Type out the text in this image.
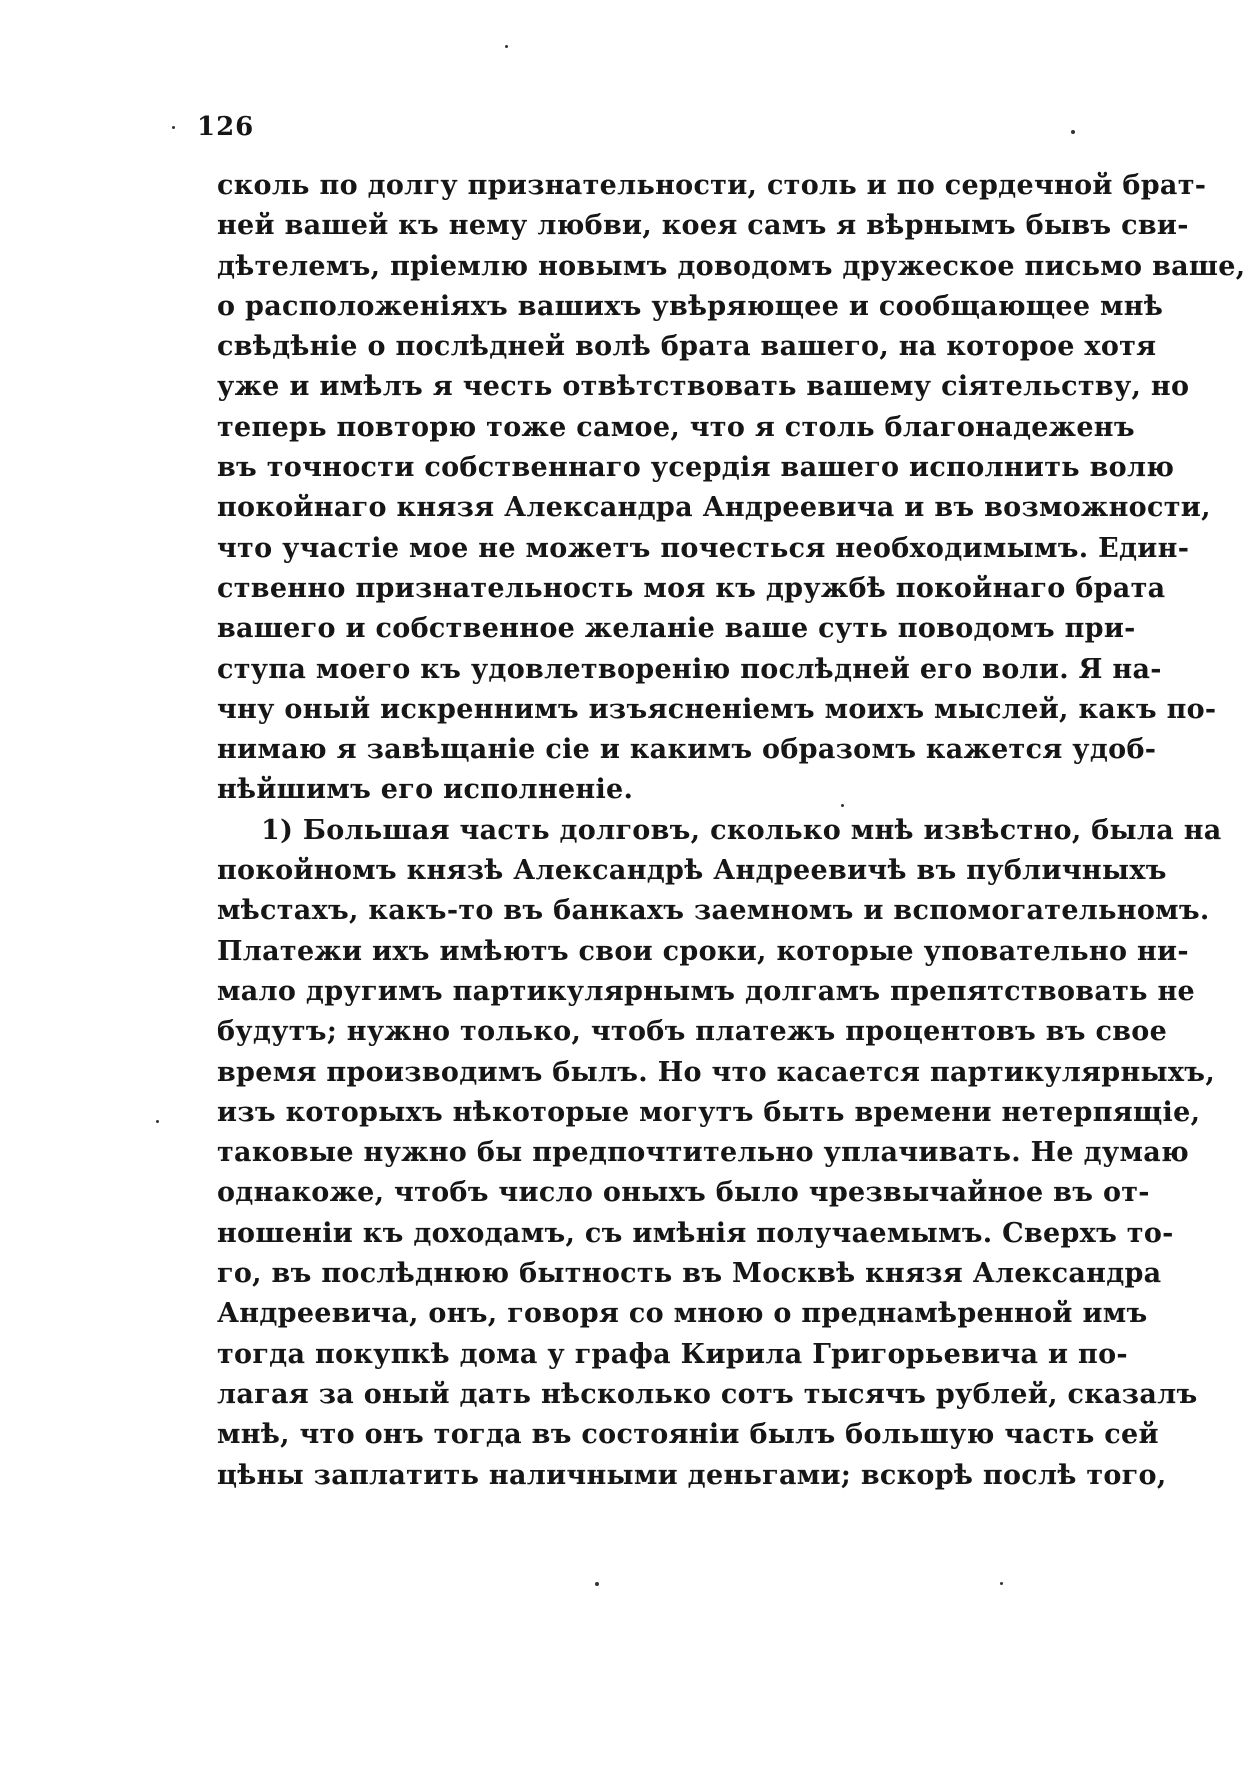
126
сколь по долгу признательности, столь и по сердечной брат-
ней вашей къ нему любви, коея самъ я вѣрнымъ бывъ сви-
дѣтелемъ, пріемлю новымъ доводомъ дружеское письмо ваше,
о расположеніяхъ вашихъ увѣряющее и сообщающее мнѣ
свѣдѣніе о послѣдней волѣ брата вашего, на которое хотя
уже и имѣлъ я честь отвѣтствовать вашему сіятельству, но
теперь повторю тоже самое, что я столь благонадеженъ
въ точности собственнаго усердія вашего исполнить волю
покойнаго князя Александра Андреевича и въ возможности,
что участіе мое не можетъ почесться необходимымъ. Един-
ственно признательность моя къ дружбѣ покойнаго брата
вашего и собственное желаніе ваше суть поводомъ при-
ступа моего къ удовлетворенію послѣдней его воли. Я на-
чну оный искреннимъ изъясненіемъ моихъ мыслей, какъ по-
нимаю я завѣщаніе сіе и какимъ образомъ кажется удоб-
нѣйшимъ его исполненіе.
1) Большая часть долговъ, сколько мнѣ извѣстно, была на
покойномъ князѣ Александрѣ Андреевичѣ въ публичныхъ
мѣстахъ, какъ-то въ банкахъ заемномъ и вспомогательномъ.
Платежи ихъ имѣютъ свои сроки, которые уповательно ни-
мало другимъ партикулярнымъ долгамъ препятствовать не
будутъ; нужно только, чтобъ платежъ процентовъ въ свое
время производимъ былъ. Но что касается партикулярныхъ,
изъ которыхъ нѣкоторые могутъ быть времени нетерпящіе,
таковые нужно бы предпочтительно уплачивать. Не думаю
однакоже, чтобъ число оныхъ было чрезвычайное въ от-
ношеніи къ доходамъ, съ имѣнія получаемымъ. Сверхъ то-
го, въ послѣднюю бытность въ Москвѣ князя Александра
Андреевича, онъ, говоря со мною о преднамѣренной имъ
тогда покупкѣ дома у графа Кирила Григорьевича и по-
лагая за оный дать нѣсколько сотъ тысячъ рублей, сказалъ
мнѣ, что онъ тогда въ состояніи былъ большую часть сей
цѣны заплатить наличными деньгами; вскорѣ послѣ того,
